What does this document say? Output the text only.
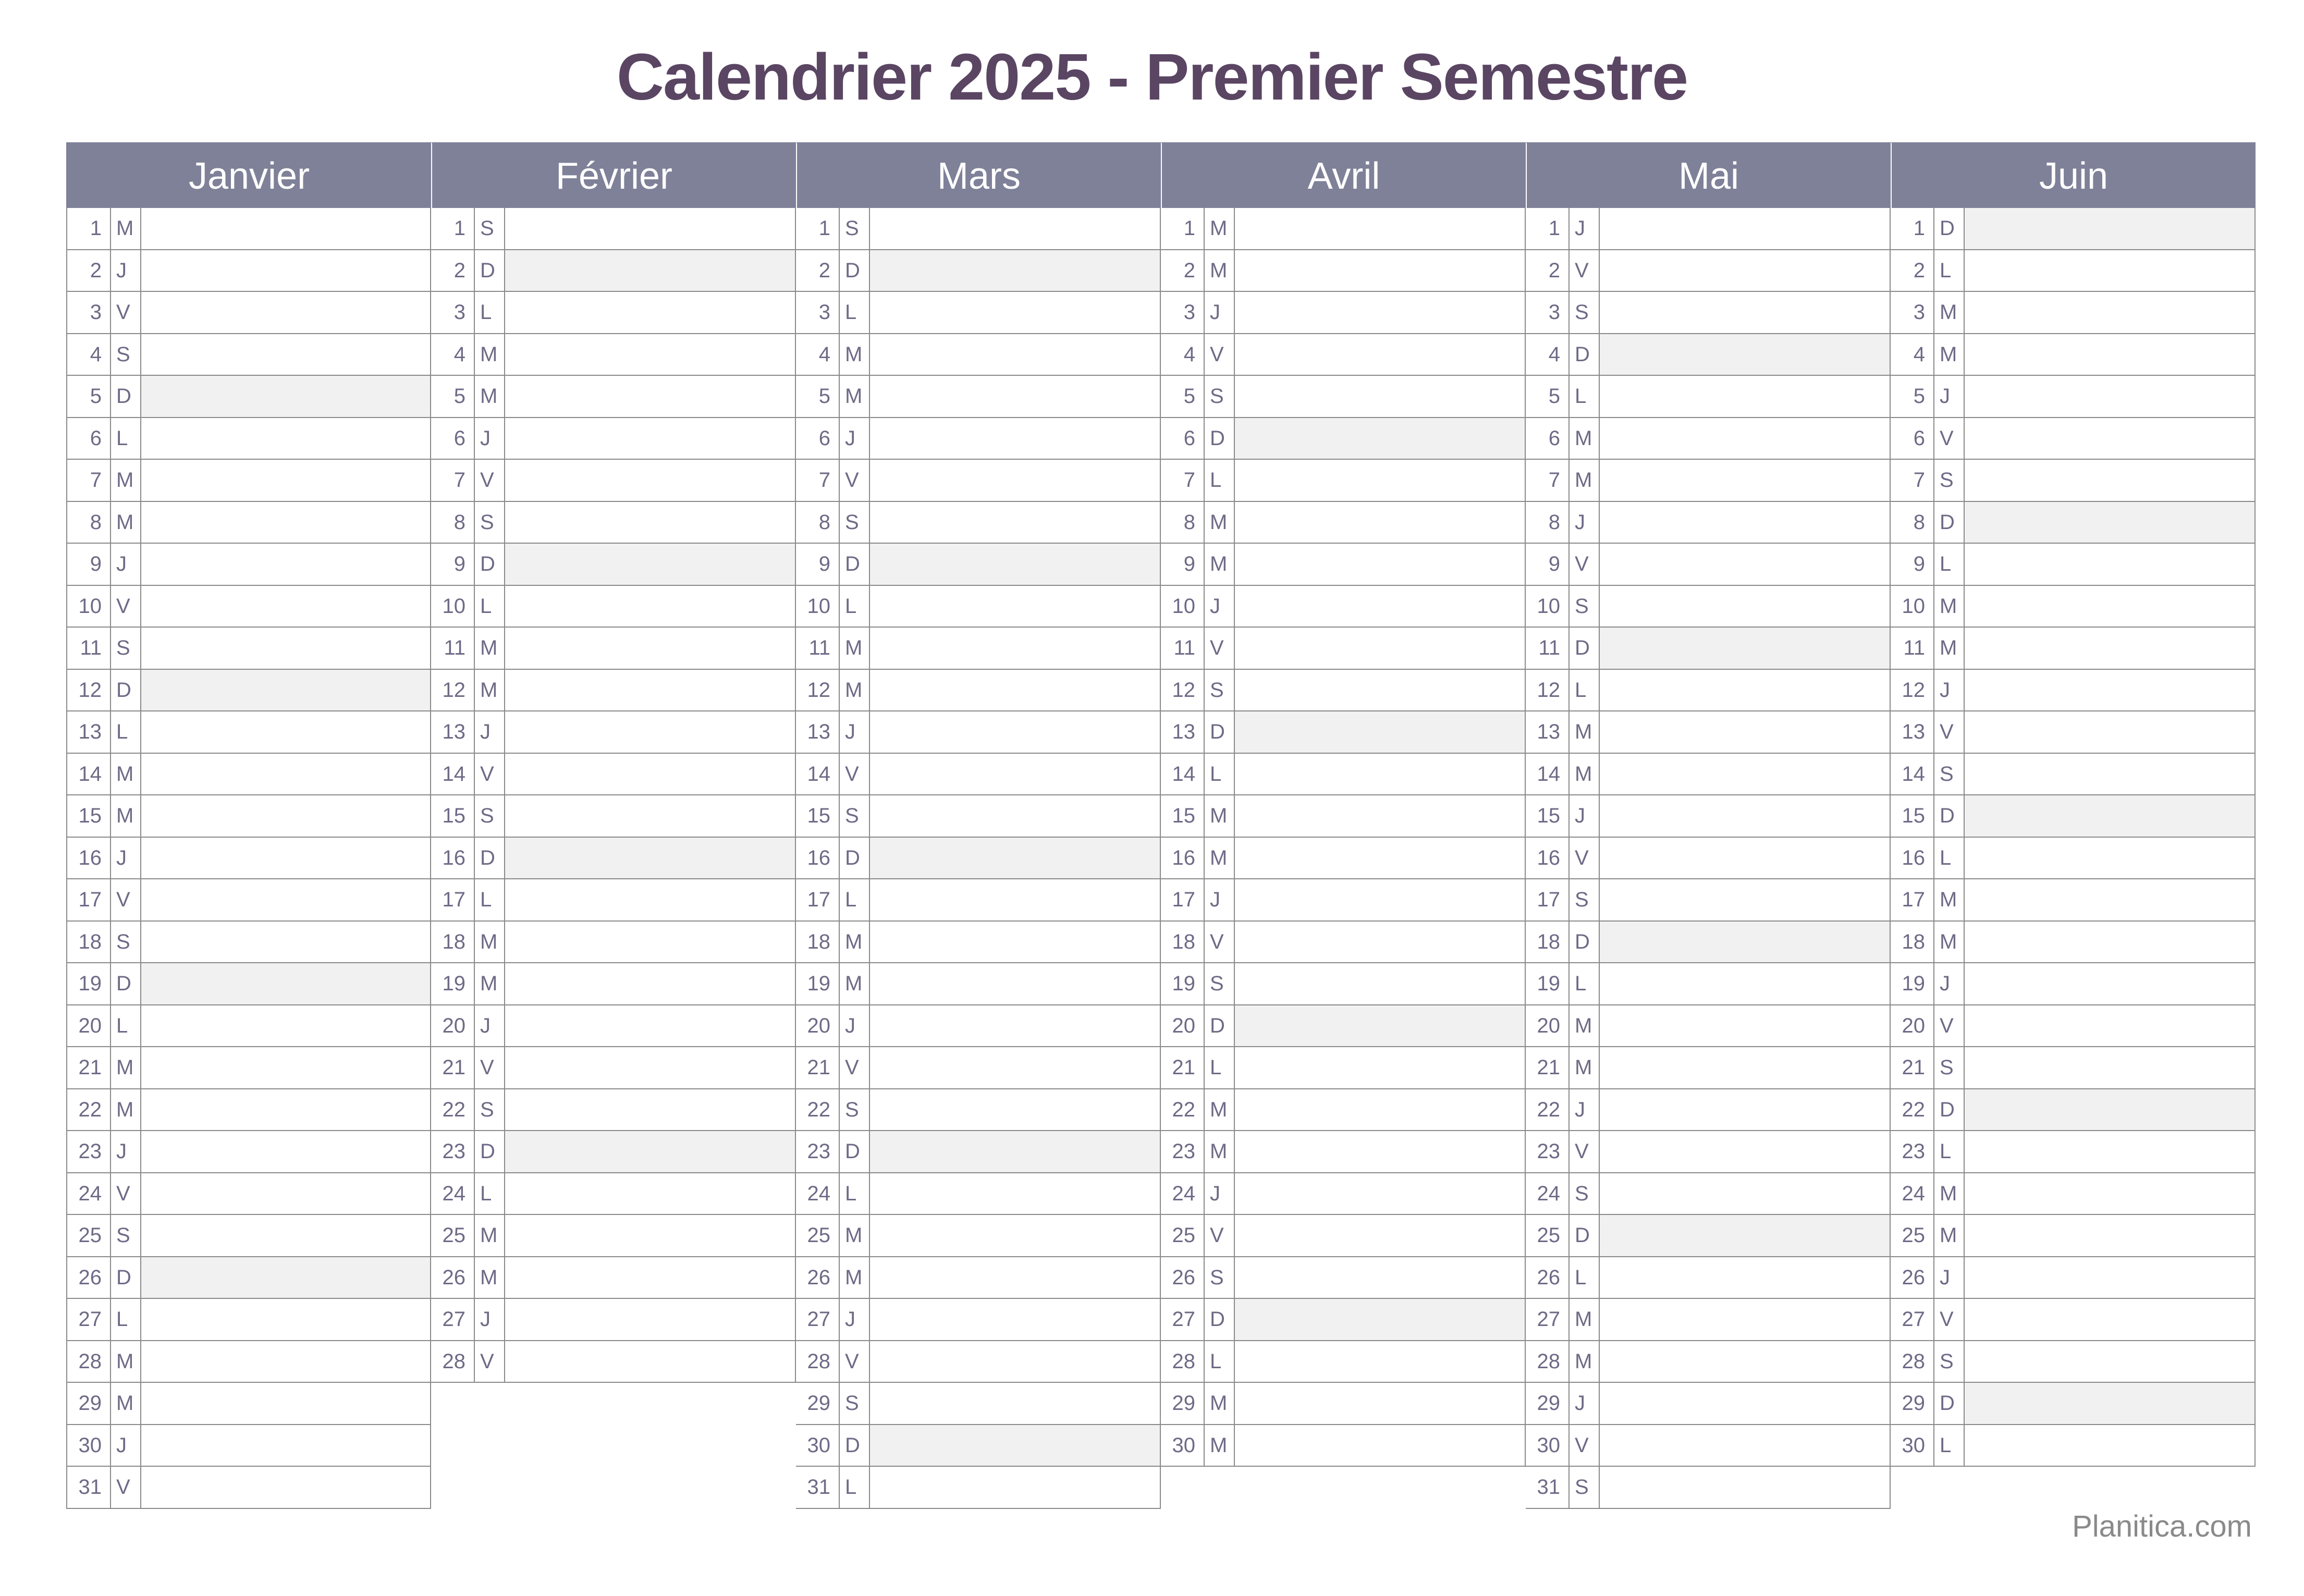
Calendrier 2025 - Premier Semestre
Janvier
1 M
2 J
3 V
4 S
5 D
6 L
7 M
8 M
9 J
10 V
11 S
12 D
13 L
14 M
15 M
16 J
17 V
18 S
19 D
20 L
21 M
22 M
23 J
24 V
25 S
26 D
27 L
28 M
29 M
30 J
31 V
Février
1 S
2 D
3 L
4 M
5 M
6 J
7 V
8 S
9 D
10 L
11 M
12 M
13 J
14 V
15 S
16 D
17 L
18 M
19 M
20 J
21 V
22 S
23 D
24 L
25 M
26 M
27 J
28 V
Mars
1 S
2 D
3 L
4 M
5 M
6 J
7 V
8 S
9 D
10 L
11 M
12 M
13 J
14 V
15 S
16 D
17 L
18 M
19 M
20 J
21 V
22 S
23 D
24 L
25 M
26 M
27 J
28 V
29 S
30 D
31 L
Avril
1 M
2 M
3 J
4 V
5 S
6 D
7 L
8 M
9 M
10 J
11 V
12 S
13 D
14 L
15 M
16 M
17 J
18 V
19 S
20 D
21 L
22 M
23 M
24 J
25 V
26 S
27 D
28 L
29 M
30 M
Mai
1 J
2 V
3 S
4 D
5 L
6 M
7 M
8 J
9 V
10 S
11 D
12 L
13 M
14 M
15 J
16 V
17 S
18 D
19 L
20 M
21 M
22 J
23 V
24 S
25 D
26 L
27 M
28 M
29 J
30 V
31 S
Juin
1 D
2 L
3 M
4 M
5 J
6 V
7 S
8 D
9 L
10 M
11 M
12 J
13 V
14 S
15 D
16 L
17 M
18 M
19 J
20 V
21 S
22 D
23 L
24 M
25 M
26 J
27 V
28 S
29 D
30 L
Planitica.com
